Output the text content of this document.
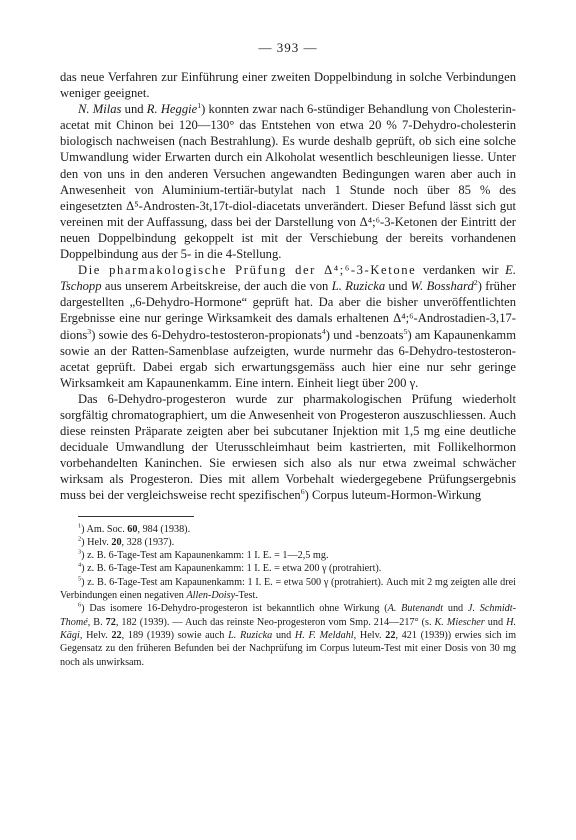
— 393 —

das neue Verfahren zur Einführung einer zweiten Doppelbindung in solche Verbindungen weniger geeignet.

N. Milas und R. Heggie$^1$) konnten zwar nach 6-stündiger Behandlung von Cholesterin-acetat mit Chinon bei 120—130° das Entstehen von etwa 20 % 7-Dehydro-cholesterin biologisch nachweisen (nach Bestrahlung). Es wurde deshalb geprüft, ob sich eine solche Umwandlung wider Erwarten durch ein Alkoholat wesentlich beschleunigen liesse. Unter den von uns in den anderen Versuchen angewandten Bedingungen waren aber auch in Anwesenheit von Aluminium-tertiär-butylat nach 1 Stunde noch über 85 % des eingesetzten Δ⁵-Androsten-3t,17t-diol-diacetats unverändert. Dieser Befund lässt sich gut vereinen mit der Auffassung, dass bei der Darstellung von Δ⁴;⁶-3-Ketonen der Eintritt der neuen Doppelbindung gekoppelt ist mit der Verschiebung der bereits vorhandenen Doppelbindung aus der 5- in die 4-Stellung.

Die pharmakologische Prüfung der Δ⁴;⁶-3-Ketone verdanken wir E. Tschopp aus unserem Arbeitskreise, der auch die von L. Ruzicka und W. Bosshard$^2$) früher dargestellten „6-Dehydro-Hormone“ geprüft hat. Da aber die bisher unveröffentlichten Ergebnisse eine nur geringe Wirksamkeit des damals erhaltenen Δ⁴;⁶-Androstadien-3,17-dions$^3$) sowie des 6-Dehydro-testosteron-propionats$^4$) und -benzoats$^5$) am Kapaunenkamm sowie an der Ratten-Samenblase aufzeigten, wurde nurmehr das 6-Dehydro-testosteron-acetat geprüft. Dabei ergab sich erwartungsgemäss auch hier eine nur sehr geringe Wirksamkeit am Kapaunenkamm. Eine intern. Einheit liegt über 200 γ.

Das 6-Dehydro-progesteron wurde zur pharmakologischen Prüfung wiederholt sorgfältig chromatographiert, um die Anwesenheit von Progesteron auszuschliessen. Auch diese reinsten Präparate zeigten aber bei subcutaner Injektion mit 1,5 mg eine deutliche deciduale Umwandlung der Uterusschleimhaut beim kastrierten, mit Follikelhormon vorbehandelten Kaninchen. Sie erwiesen sich also als nur etwa zweimal schwächer wirksam als Progesteron. Dies mit allem Vorbehalt wiedergegebene Prüfungsergebnis muss bei der vergleichsweise recht spezifischen$^6$) Corpus luteum-Hormon-Wirkung

$^1$) Am. Soc. 60, 984 (1938).
$^2$) Helv. 20, 328 (1937).
$^3$) z. B. 6-Tage-Test am Kapaunenkamm: 1 I. E. = 1—2,5 mg.
$^4$) z. B. 6-Tage-Test am Kapaunenkamm: 1 I. E. = etwa 200 γ (protrahiert).
$^5$) z. B. 6-Tage-Test am Kapaunenkamm: 1 I. E. = etwa 500 γ (protrahiert). Auch mit 2 mg zeigten alle drei Verbindungen einen negativen Allen-Doisy-Test.
$^6$) Das isomere 16-Dehydro-progesteron ist bekanntlich ohne Wirkung (A. Butenandt und J. Schmidt-Thomé, B. 72, 182 (1939). — Auch das reinste Neo-progesteron vom Smp. 214—217° (s. K. Miescher und H. Kägi, Helv. 22, 189 (1939) sowie auch L. Ruzicka und H. F. Meldahl, Helv. 22, 421 (1939)) erwies sich im Gegensatz zu den früheren Befunden bei der Nachprüfung im Corpus luteum-Test mit einer Dosis von 30 mg noch als unwirksam.
